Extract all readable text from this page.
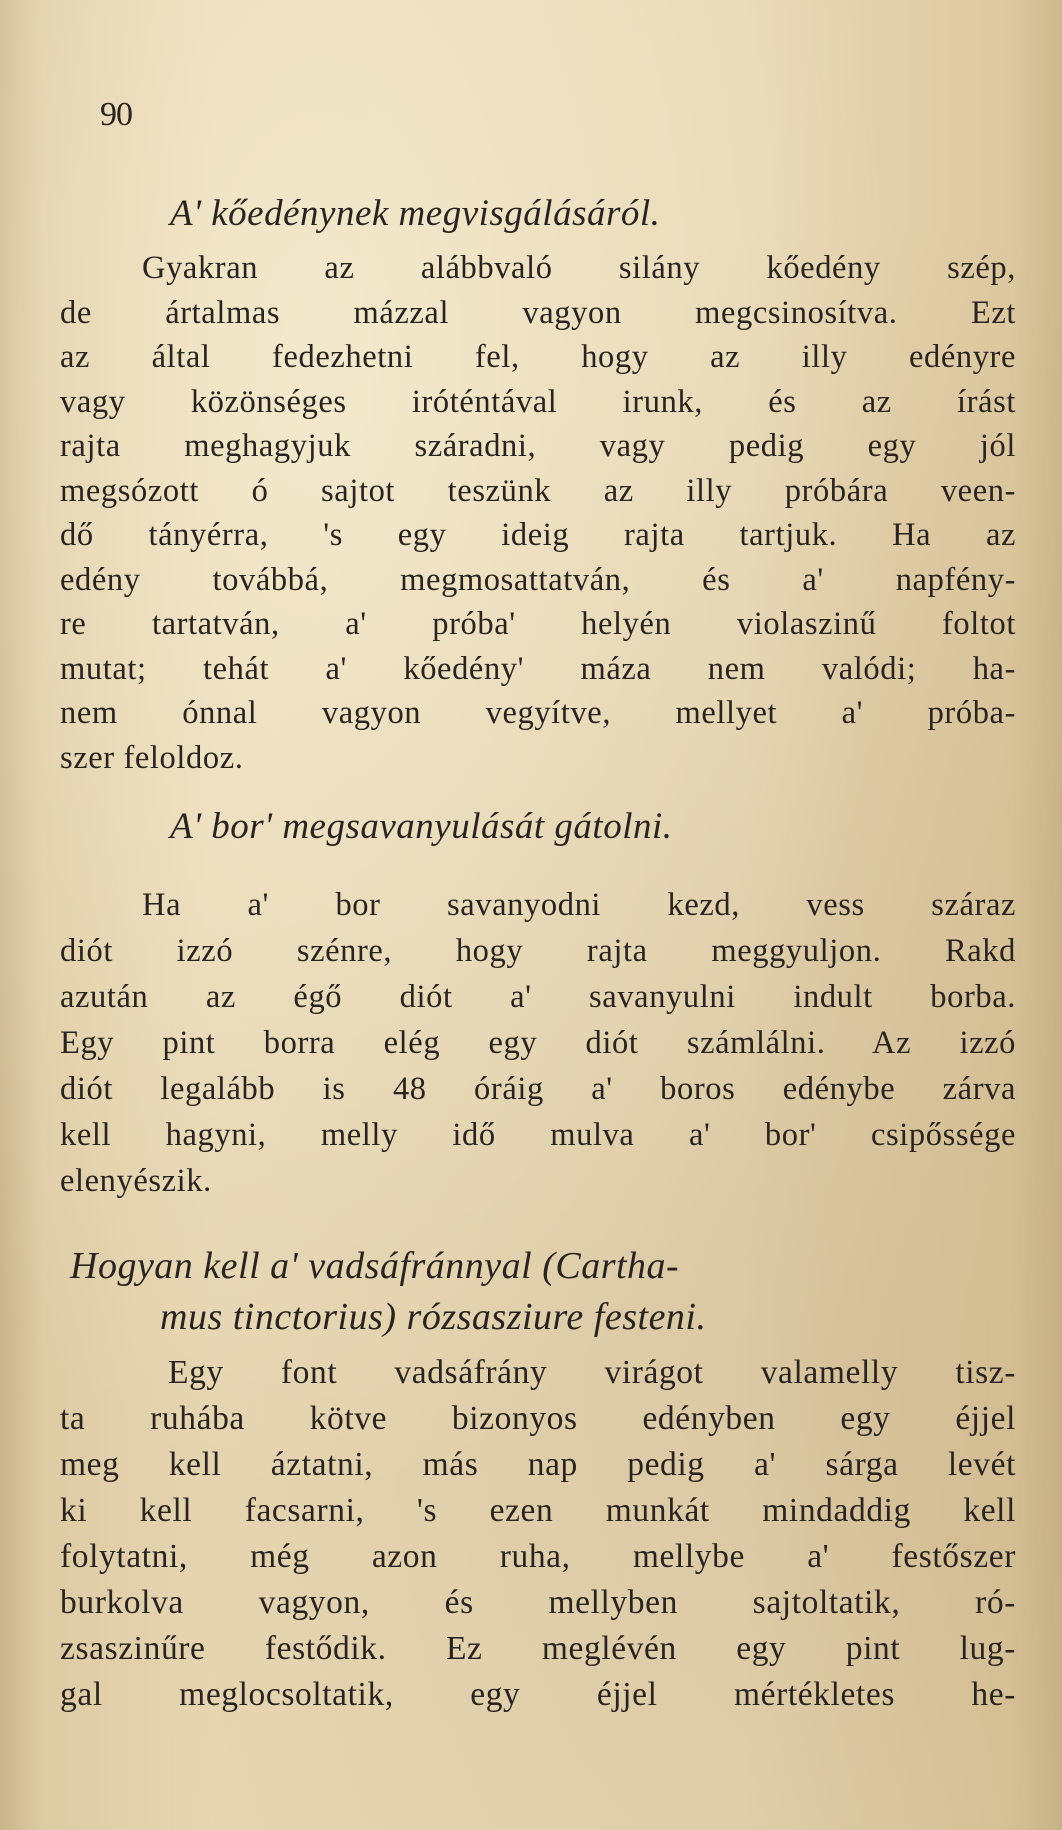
90
A' kőedénynek megvisgálásáról.
Gyakran az alábbvaló silány kőedény szép,
de ártalmas mázzal vagyon megcsinosítva. Ezt
az által fedezhetni fel, hogy az illy edényre
vagy közönséges iróténtával irunk, és az írást
rajta meghagyjuk száradni, vagy pedig egy jól
megsózott ó sajtot teszünk az illy próbára veen-
dő tányérra, 's egy ideig rajta tartjuk. Ha az
edény továbbá, megmosattatván, és a' napfény-
re tartatván, a' próba' helyén violaszinű foltot
mutat; tehát a' kőedény' máza nem valódi; ha-
nem ónnal vagyon vegyítve, mellyet a' próba-
szer feloldoz.
A' bor' megsavanyulását gátolni.
Ha a' bor savanyodni kezd, vess száraz
diót izzó szénre, hogy rajta meggyuljon. Rakd
azután az égő diót a' savanyulni indult borba.
Egy pint borra elég egy diót számlálni. Az izzó
diót legalább is 48 óráig a' boros edénybe zárva
kell hagyni, melly idő mulva a' bor' csipőssége
elenyészik.
Hogyan kell a' vadsáfránnyal (Cartha-
mus tinctorius) rózsasziure festeni.
Egy font vadsáfrány virágot valamelly tisz-
ta ruhába kötve bizonyos edényben egy éjjel
meg kell áztatni, más nap pedig a' sárga levét
ki kell facsarni, 's ezen munkát mindaddig kell
folytatni, még azon ruha, mellybe a' festőszer
burkolva vagyon, és mellyben sajtoltatik, ró-
zsaszinűre festődik. Ez meglévén egy pint lug-
gal meglocsoltatik, egy éjjel mértékletes he-
